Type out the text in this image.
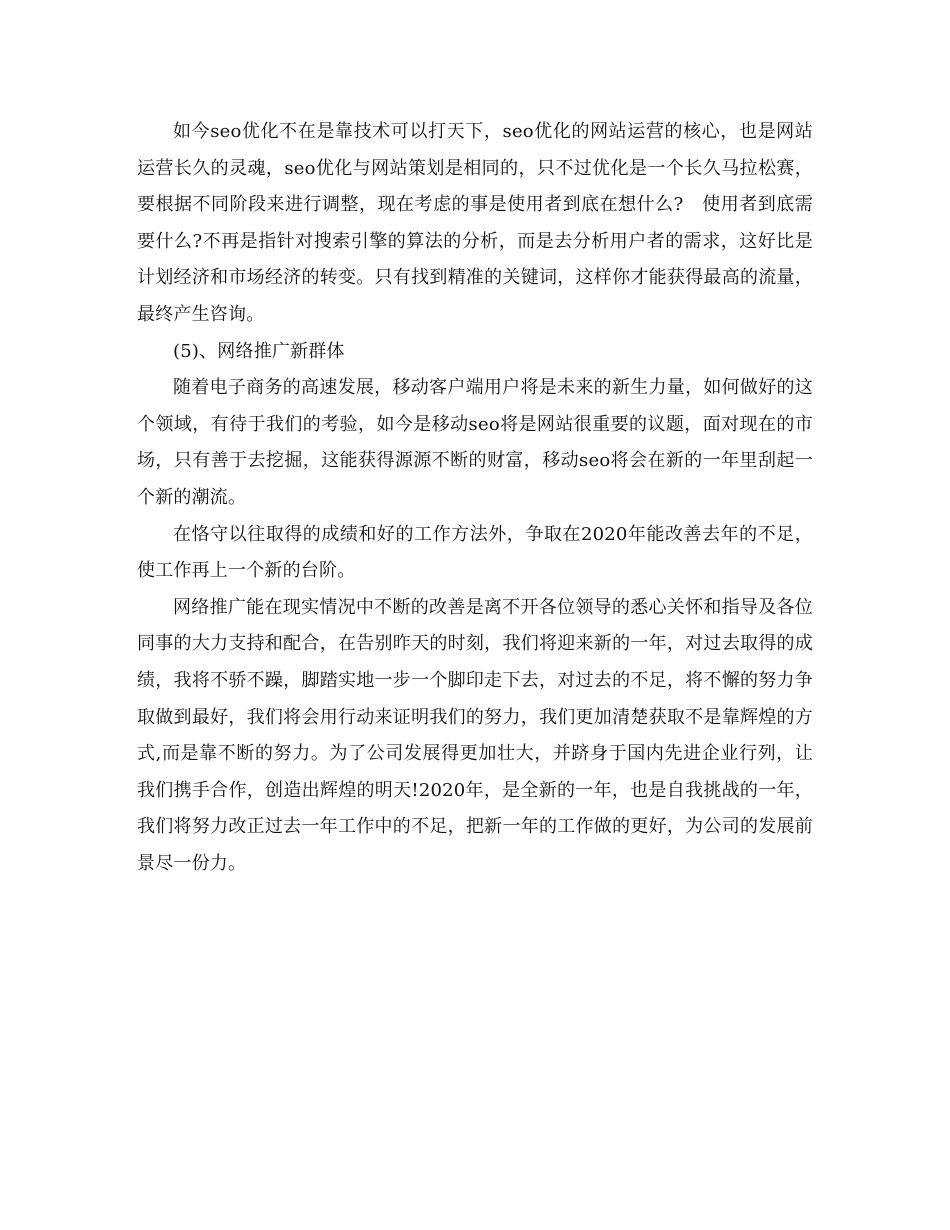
如今seo优化不在是靠技术可以打天下，seo优化的网站运营的核心，也是网站运营长久的灵魂，seo优化与网站策划是相同的，只不过优化是一个长久马拉松赛，要根据不同阶段来进行调整，现在考虑的事是使用者到底在想什么?　使用者到底需要什么?不再是指针对搜索引擎的算法的分析，而是去分析用户者的需求，这好比是计划经济和市场经济的转变。只有找到精准的关键词，这样你才能获得最高的流量，最终产生咨询。

(5)、网络推广新群体

随着电子商务的高速发展，移动客户端用户将是未来的新生力量，如何做好的这个领域，有待于我们的考验，如今是移动seo将是网站很重要的议题，面对现在的市场，只有善于去挖掘，这能获得源源不断的财富，移动seo将会在新的一年里刮起一个新的潮流。

在恪守以往取得的成绩和好的工作方法外，争取在2020年能改善去年的不足，使工作再上一个新的台阶。

网络推广能在现实情况中不断的改善是离不开各位领导的悉心关怀和指导及各位同事的大力支持和配合，在告别昨天的时刻，我们将迎来新的一年，对过去取得的成绩，我将不骄不躁，脚踏实地一步一个脚印走下去，对过去的不足，将不懈的努力争取做到最好，我们将会用行动来证明我们的努力，我们更加清楚获取不是靠辉煌的方式,而是靠不断的努力。为了公司发展得更加壮大，并跻身于国内先进企业行列，让我们携手合作，创造出辉煌的明天!2020年，是全新的一年，也是自我挑战的一年，我们将努力改正过去一年工作中的不足，把新一年的工作做的更好，为公司的发展前景尽一份力。
